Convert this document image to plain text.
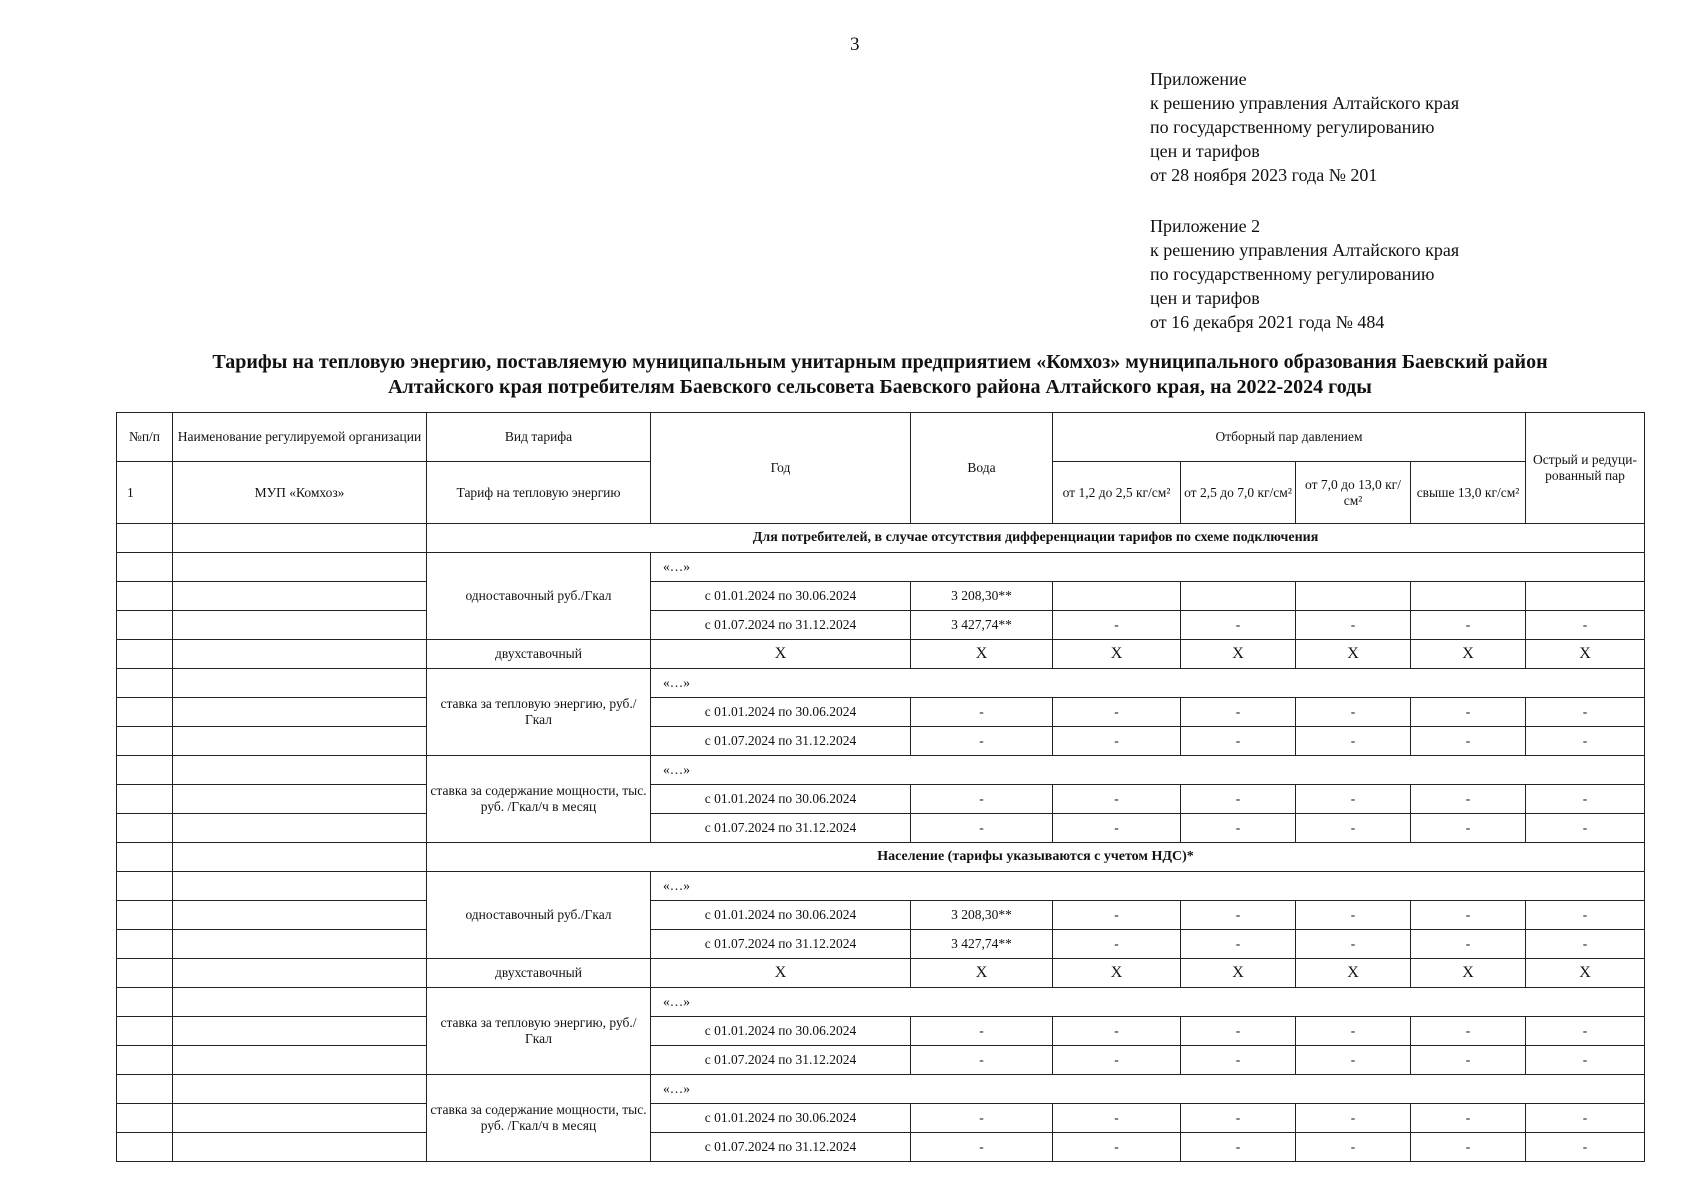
3
Приложение
к решению управления Алтайского края
по государственному регулированию
цен и тарифов
от 28 ноября 2023 года № 201
Приложение 2
к решению управления Алтайского края
по государственному регулированию
цен и тарифов
от 16 декабря 2021 года № 484
Тарифы на тепловую энергию, поставляемую муниципальным унитарным предприятием «Комхоз» муниципального образования Баевский район
Алтайского края потребителям Баевского сельсовета Баевского района Алтайского края, на 2022-2024 годы
№п/п	Наименование регулируемой организации	Вид тарифа	Год	Вода	Отборный пар давлением				Острый и редуци-рованный пар
1	МУП «Комхоз»	Тариф на тепловую энергию			от 1,2 до 2,5 кг/см²	от 2,5 до 7,0 кг/см²	от 7,0 до 13,0 кг/см²	свыше 13,0 кг/см²	
		Для потребителей, в случае отсутствия дифференциации тарифов по схеме подключения							
		одноставочный руб./Гкал	«…»						
			с 01.01.2024 по 30.06.2024	3 208,30**					
			с 01.07.2024 по 31.12.2024	3 427,74**	-	-	-	-	-
		двухставочный	X	X	X	X	X	X	X
		ставка за тепловую энергию, руб./Гкал	«…»						
			с 01.01.2024 по 30.06.2024	-	-	-	-	-	-
			с 01.07.2024 по 31.12.2024	-	-	-	-	-	-
		ставка за содержание мощности, тыс. руб. /Гкал/ч в месяц	«…»						
			с 01.01.2024 по 30.06.2024	-	-	-	-	-	-
			с 01.07.2024 по 31.12.2024	-	-	-	-	-	-
		Население (тарифы указываются с учетом НДС)*							
		одноставочный руб./Гкал	«…»						
			с 01.01.2024 по 30.06.2024	3 208,30**	-	-	-	-	-
			с 01.07.2024 по 31.12.2024	3 427,74**	-	-	-	-	-
		двухставочный	X	X	X	X	X	X	X
		ставка за тепловую энергию, руб./Гкал	«…»						
			с 01.01.2024 по 30.06.2024	-	-	-	-	-	-
			с 01.07.2024 по 31.12.2024	-	-	-	-	-	-
		ставка за содержание мощности, тыс. руб. /Гкал/ч в месяц	«…»						
			с 01.01.2024 по 30.06.2024	-	-	-	-	-	-
			с 01.07.2024 по 31.12.2024	-	-	-	-	-	-
